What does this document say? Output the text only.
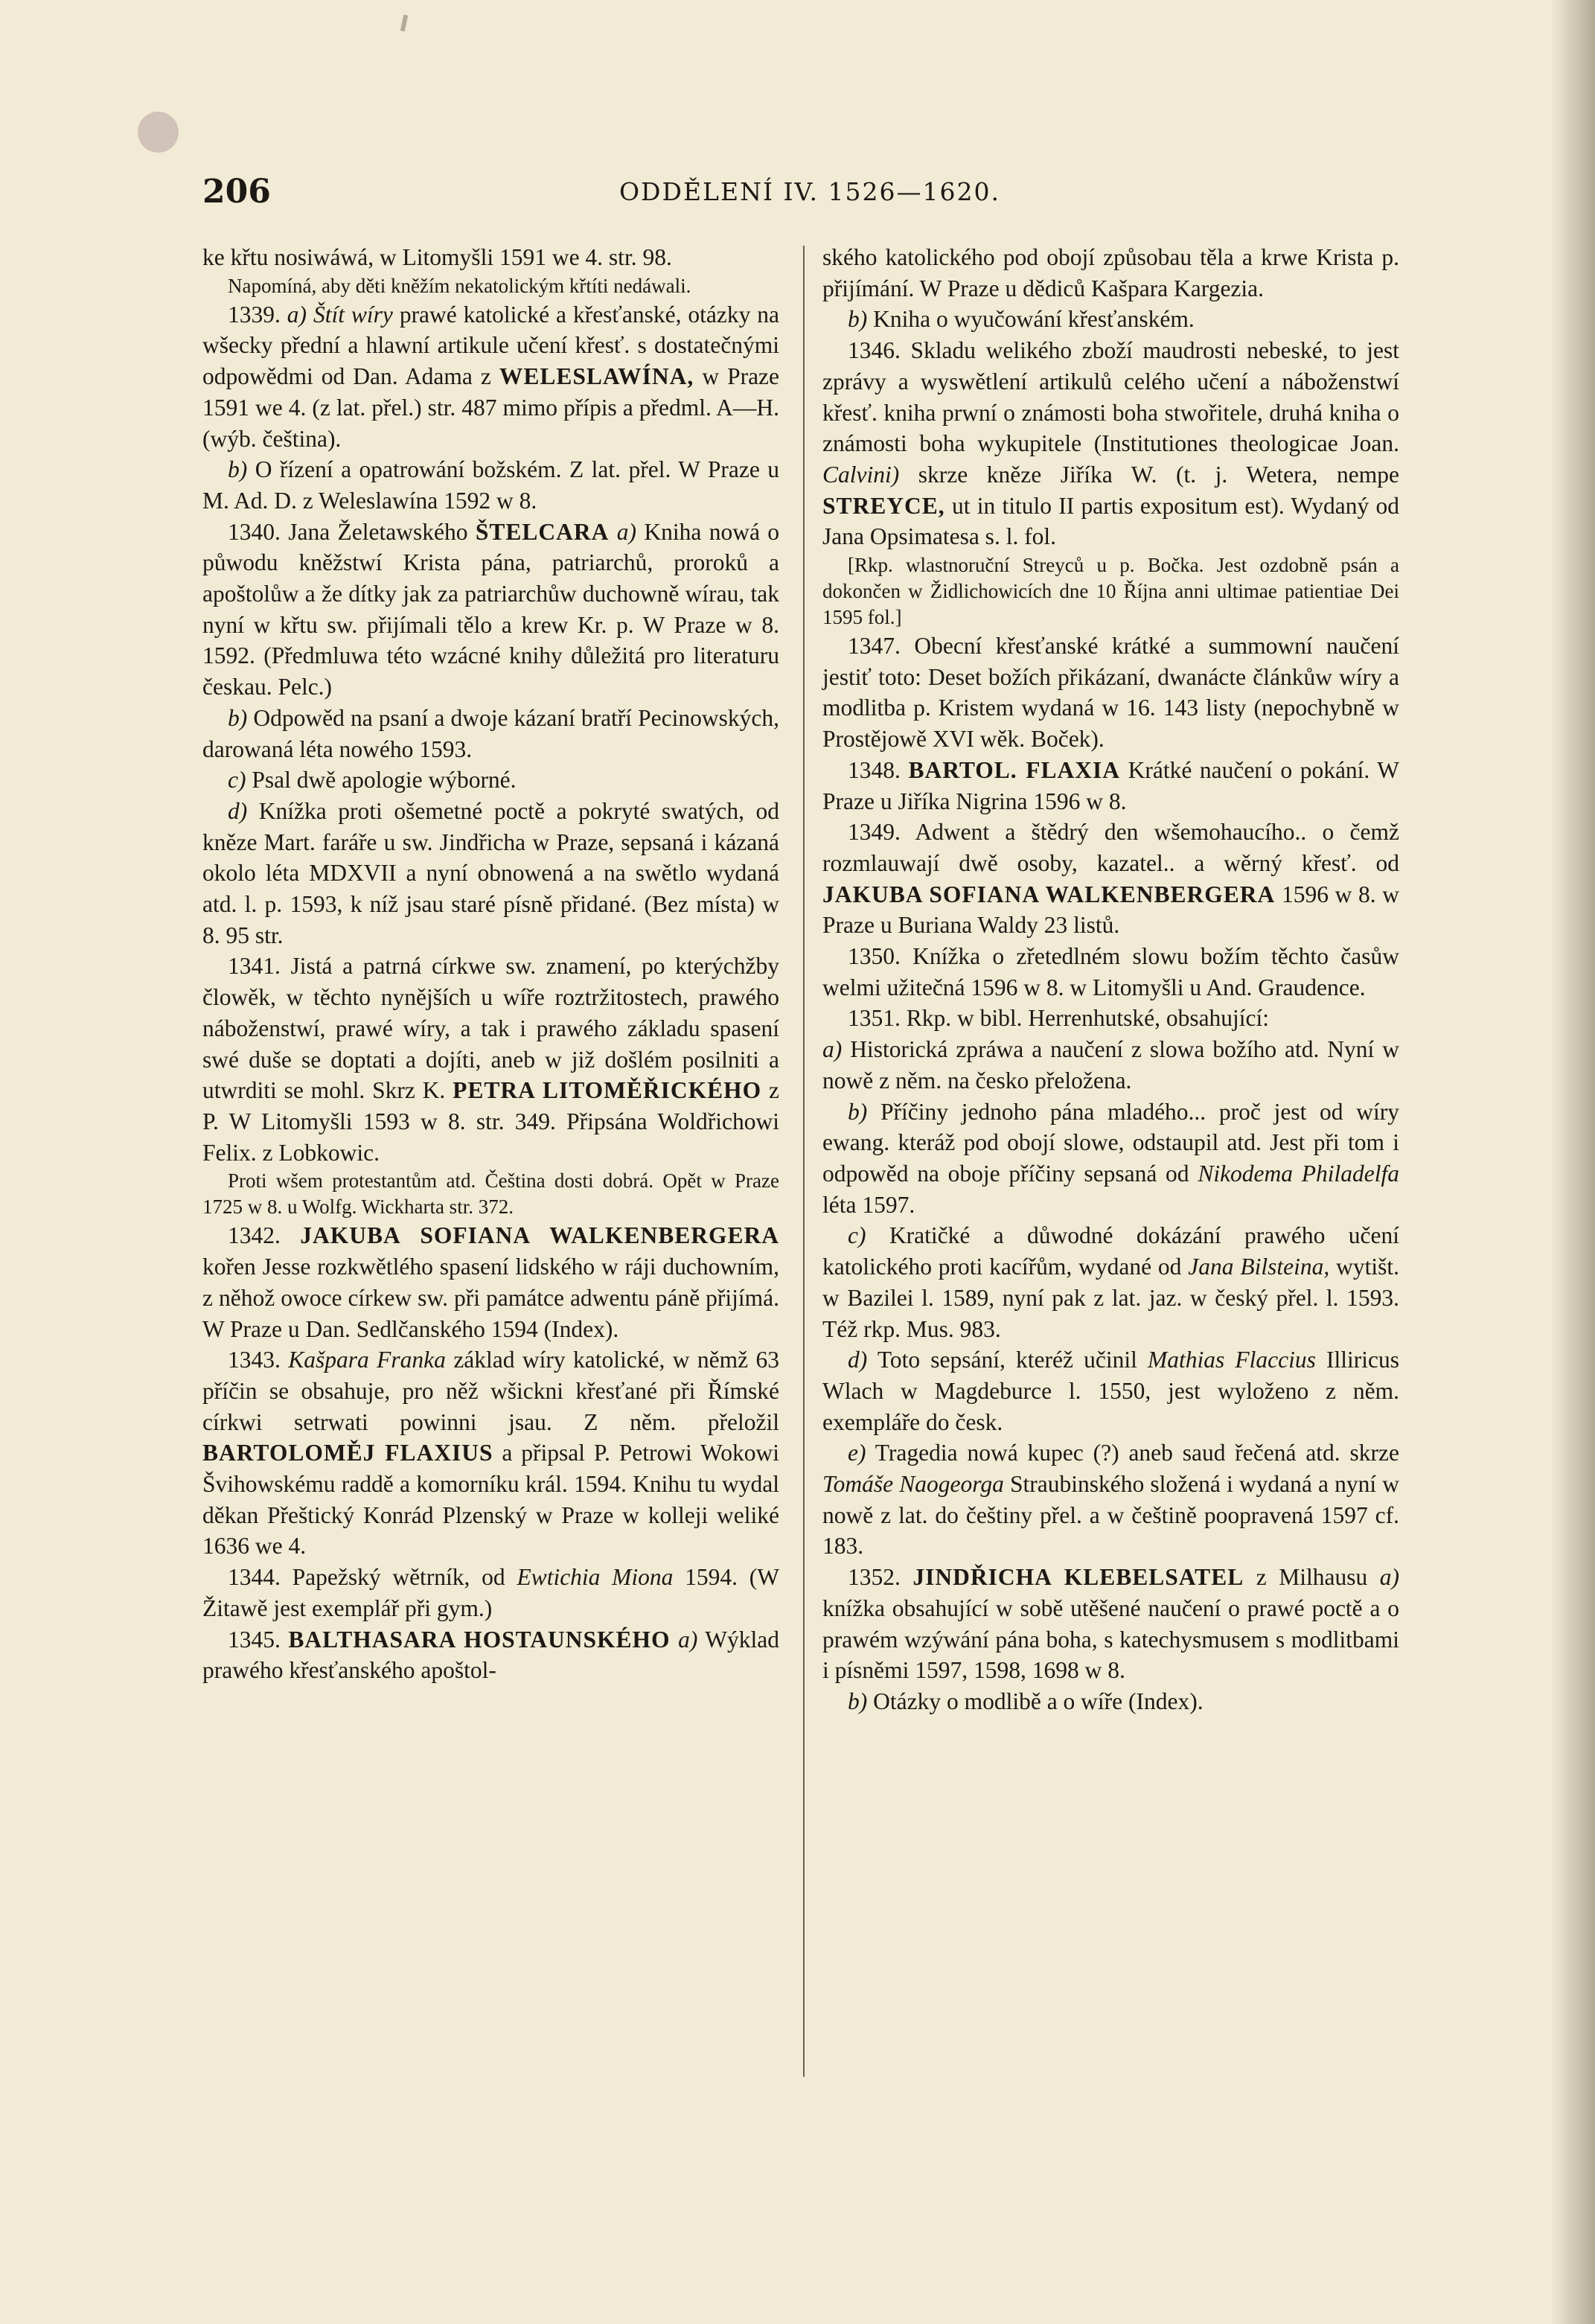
206	ODDĚLENÍ IV. 1526—1620.

ke křtu nosiwáwá, w Litomyšli 1591 we 4. str. 98.

Napomíná, aby děti kněžím nekatolickým křtíti nedáwali.

1339. a) Štít wíry prawé katolické a křesťanské, otázky na wšecky přední a hlawní artikule učení křesť. s dostatečnými odpowědmi od Dan. Adama z WELESLAWÍNA, w Praze 1591 we 4. (z lat. přel.) str. 487 mimo přípis a předml. A—H. (wýb. čeština).

b) O řízení a opatrowání božském. Z lat. přel. W Praze u M. Ad. D. z Weleslawína 1592 w 8.

1340. Jana Želetawského ŠTELCARA a) Kniha nowá o půwodu kněžstwí Krista pána, patriarchů, proroků a apoštolůw a že dítky jak za patriarchůw duchowně wírau, tak nyní w křtu sw. přijímali tělo a krew Kr. p. W Praze w 8. 1592. (Předmluwa této wzácné knihy důležitá pro literaturu českau. Pelc.)

b) Odpowěd na psaní a dwoje kázaní bratří Pecinowských, darowaná léta nowého 1593.

c) Psal dwě apologie wýborné.

d) Knížka proti ošemetné poctě a pokryté swatých, od kněze Mart. faráře u sw. Jindřicha w Praze, sepsaná i kázaná okolo léta MDXVII a nyní obnowená a na swětlo wydaná atd. l. p. 1593, k níž jsau staré písně přidané. (Bez místa) w 8. 95 str.

1341. Jistá a patrná církwe sw. znamení, po kterýchžby člowěk, w těchto nynějších u wíře roztržitostech, prawého náboženstwí, prawé wíry, a tak i prawého základu spasení swé duše se doptati a dojíti, aneb w již došlém posilniti a utwrditi se mohl. Skrz K. PETRA LITOMĚŘICKÉHO z P. W Litomyšli 1593 w 8. str. 349. Připsána Woldřichowi Felix. z Lobkowic.

Proti wšem protestantům atd. Čeština dosti dobrá. Opět w Praze 1725 w 8. u Wolfg. Wickharta str. 372.

1342. JAKUBA SOFIANA WALKENBERGERA kořen Jesse rozkwětlého spasení lidského w ráji duchowním, z něhož owoce církew sw. při památce adwentu páně přijímá. W Praze u Dan. Sedlčanského 1594 (Index).

1343. Kašpara Franka základ wíry katolické, w němž 63 příčin se obsahuje, pro něž wšickni křesťané při Římské církwi setrwati powinni jsau. Z něm. přeložil BARTOLOMĚJ FLAXIUS a připsal P. Petrowi Wokowi Švihowskému raddě a komorníku král. 1594. Knihu tu wydal děkan Přeštický Konrád Plzenský w Praze w kolleji weliké 1636 we 4.

1344. Papežský wětrník, od Ewtichia Miona 1594. (W Žitawě jest exemplář při gym.)

1345. BALTHASARA HOSTAUNSKÉHO a) Wýklad prawého křesťanského apoštol-

ského katolického pod obojí způsobau těla a krwe Krista p. přijímání. W Praze u dědiců Kašpara Kargezia.

b) Kniha o wyučowání křesťanském.

1346. Skladu welikého zboží maudrosti nebeské, to jest zprávy a wyswětlení artikulů celého učení a náboženstwí křesť. kniha prwní o známosti boha stwořitele, druhá kniha o známosti boha wykupitele (Institutiones theologicae Joan. Calvini) skrze kněze Jiříka W. (t. j. Wetera, nempe STREYCE, ut in titulo II partis expositum est). Wydaný od Jana Opsimatesa s. l. fol.

[Rkp. wlastnoruční Streyců u p. Bočka. Jest ozdobně psán a dokončen w Židlichowicích dne 10 Října anni ultimae patientiae Dei 1595 fol.]

1347. Obecní křesťanské krátké a summowní naučení jestiť toto: Deset božích přikázaní, dwanácte článkůw wíry a modlitba p. Kristem wydaná w 16. 143 listy (nepochybně w Prostějowě XVI wěk. Boček).

1348. BARTOL. FLAXIA Krátké naučení o pokání. W Praze u Jiříka Nigrina 1596 w 8.

1349. Adwent a štědrý den wšemohaucího.. o čemž rozmlauwají dwě osoby, kazatel.. a wěrný křesť. od JAKUBA SOFIANA WALKENBERGERA 1596 w 8. w Praze u Buriana Waldy 23 listů.

1350. Knížka o zřetedlném slowu božím těchto časůw welmi užitečná 1596 w 8. w Litomyšli u And. Graudence.

1351. Rkp. w bibl. Herrenhutské, obsahující:

a) Historická zpráwa a naučení z slowa božího atd. Nyní w nowě z něm. na česko přeložena.

b) Příčiny jednoho pána mladého... proč jest od wíry ewang. kteráž pod obojí slowe, odstaupil atd. Jest při tom i odpowěd na oboje příčiny sepsaná od Nikodema Philadelfa léta 1597.

c) Kratičké a důwodné dokázání prawého učení katolického proti kacířům, wydané od Jana Bilsteina, wytišt. w Bazilei l. 1589, nyní pak z lat. jaz. w český přel. l. 1593. Též rkp. Mus. 983.

d) Toto sepsání, kteréž učinil Mathias Flaccius Illiricus Wlach w Magdeburce l. 1550, jest wyloženo z něm. exempláře do česk.

e) Tragedia nowá kupec (?) aneb saud řečená atd. skrze Tomáše Naogeorga Straubinského složená i wydaná a nyní w nowě z lat. do češtiny přel. a w češtině poopravená 1597 cf. 183.

1352. JINDŘICHA KLEBELSATEL z Milhausu a) knížka obsahující w sobě utěšené naučení o prawé poctě a o prawém wzýwání pána boha, s katechysmusem s modlitbami i písněmi 1597, 1598, 1698 w 8.

b) Otázky o modlibě a o wíře (Index).
